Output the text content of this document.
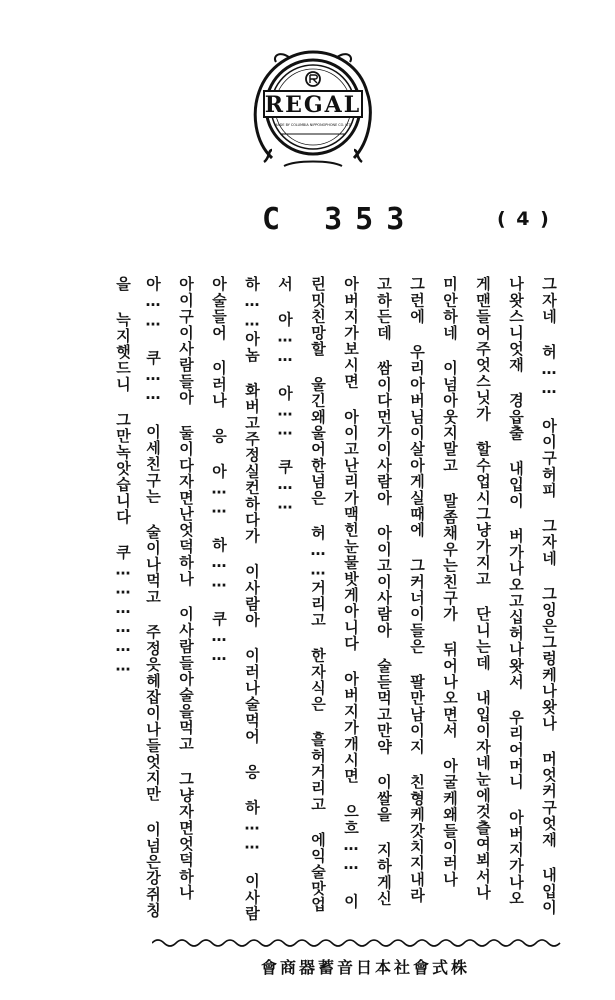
REGAL
MADE BY COLUMBIA NIPPONOPHONE CO. LTD
C 353	( 4 )
그자네 허…… 아이구허피 그자네 그잉은그렁케나왓나 머엇커구엇재 내입이
나왓스니엇재 경읍출 내입이 버가나오고십허나왓서 우리어머니 아버지가나오
게맨들어주엇스닛가 할수업시그냥가지고 단니는데 내입이자네눈에것츨여뵈서나
미안하네 이넘아웃지말고 말좀채우는친구가 뒤어나오면서 아굴케왜들이러나
그런에 우리아버님이살아게실때에 그커너이들은 팔만남이지 친형케갓치지내라
고하든데 쌈이다먼가이사람아 아이고이사람아 술듣먹고만약 이쌀을 지하게신
아버지가보시면 아이고난리가맥힌눈물밧게아니다 아버지가개시면 으흐…… 이
린밋친망할 울긴왜울어한넘은 허……거리고 한자식은 흘허거리고 에익술맛업
서 아…… 아…… 쿠……
하……아놈 화버고주정실컨하다가 이사람아 이러나술먹어 응 하…… 이사람
아술들어 이러나 응 아…… 하…… 쿠……
아이구이사람들아 둘이다자면난엇덕하나 이사람들아술을먹고 그냥자면엇덕하나
아…… 쿠…… 이세친구는 술이나먹고 주정읏헤잡이나들엇지만 이넘은강쥐칭
을 늑지햇드니 그만녹앗습니다 쿠………………
會商器蓄音日本社會式株
